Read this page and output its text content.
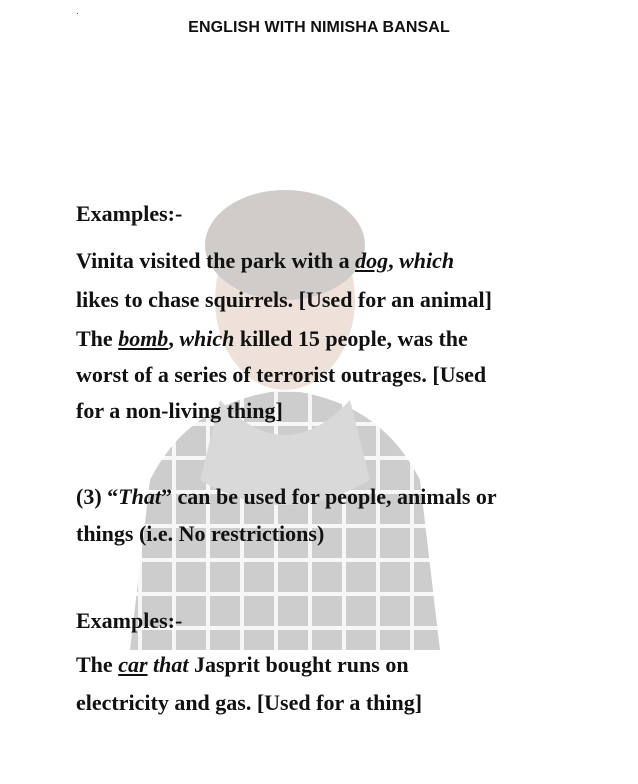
.
ENGLISH WITH NIMISHA BANSAL
Examples:-
Vinita visited the park with a dog, which
likes to chase squirrels. [Used for an animal]
The bomb, which killed 15 people, was the
worst of a series of terrorist outrages. [Used
for a non-living thing]
(3) “That” can be used for people, animals or
things (i.e. No restrictions)
Examples:-
The car that Jasprit bought runs on
electricity and gas. [Used for a thing]
